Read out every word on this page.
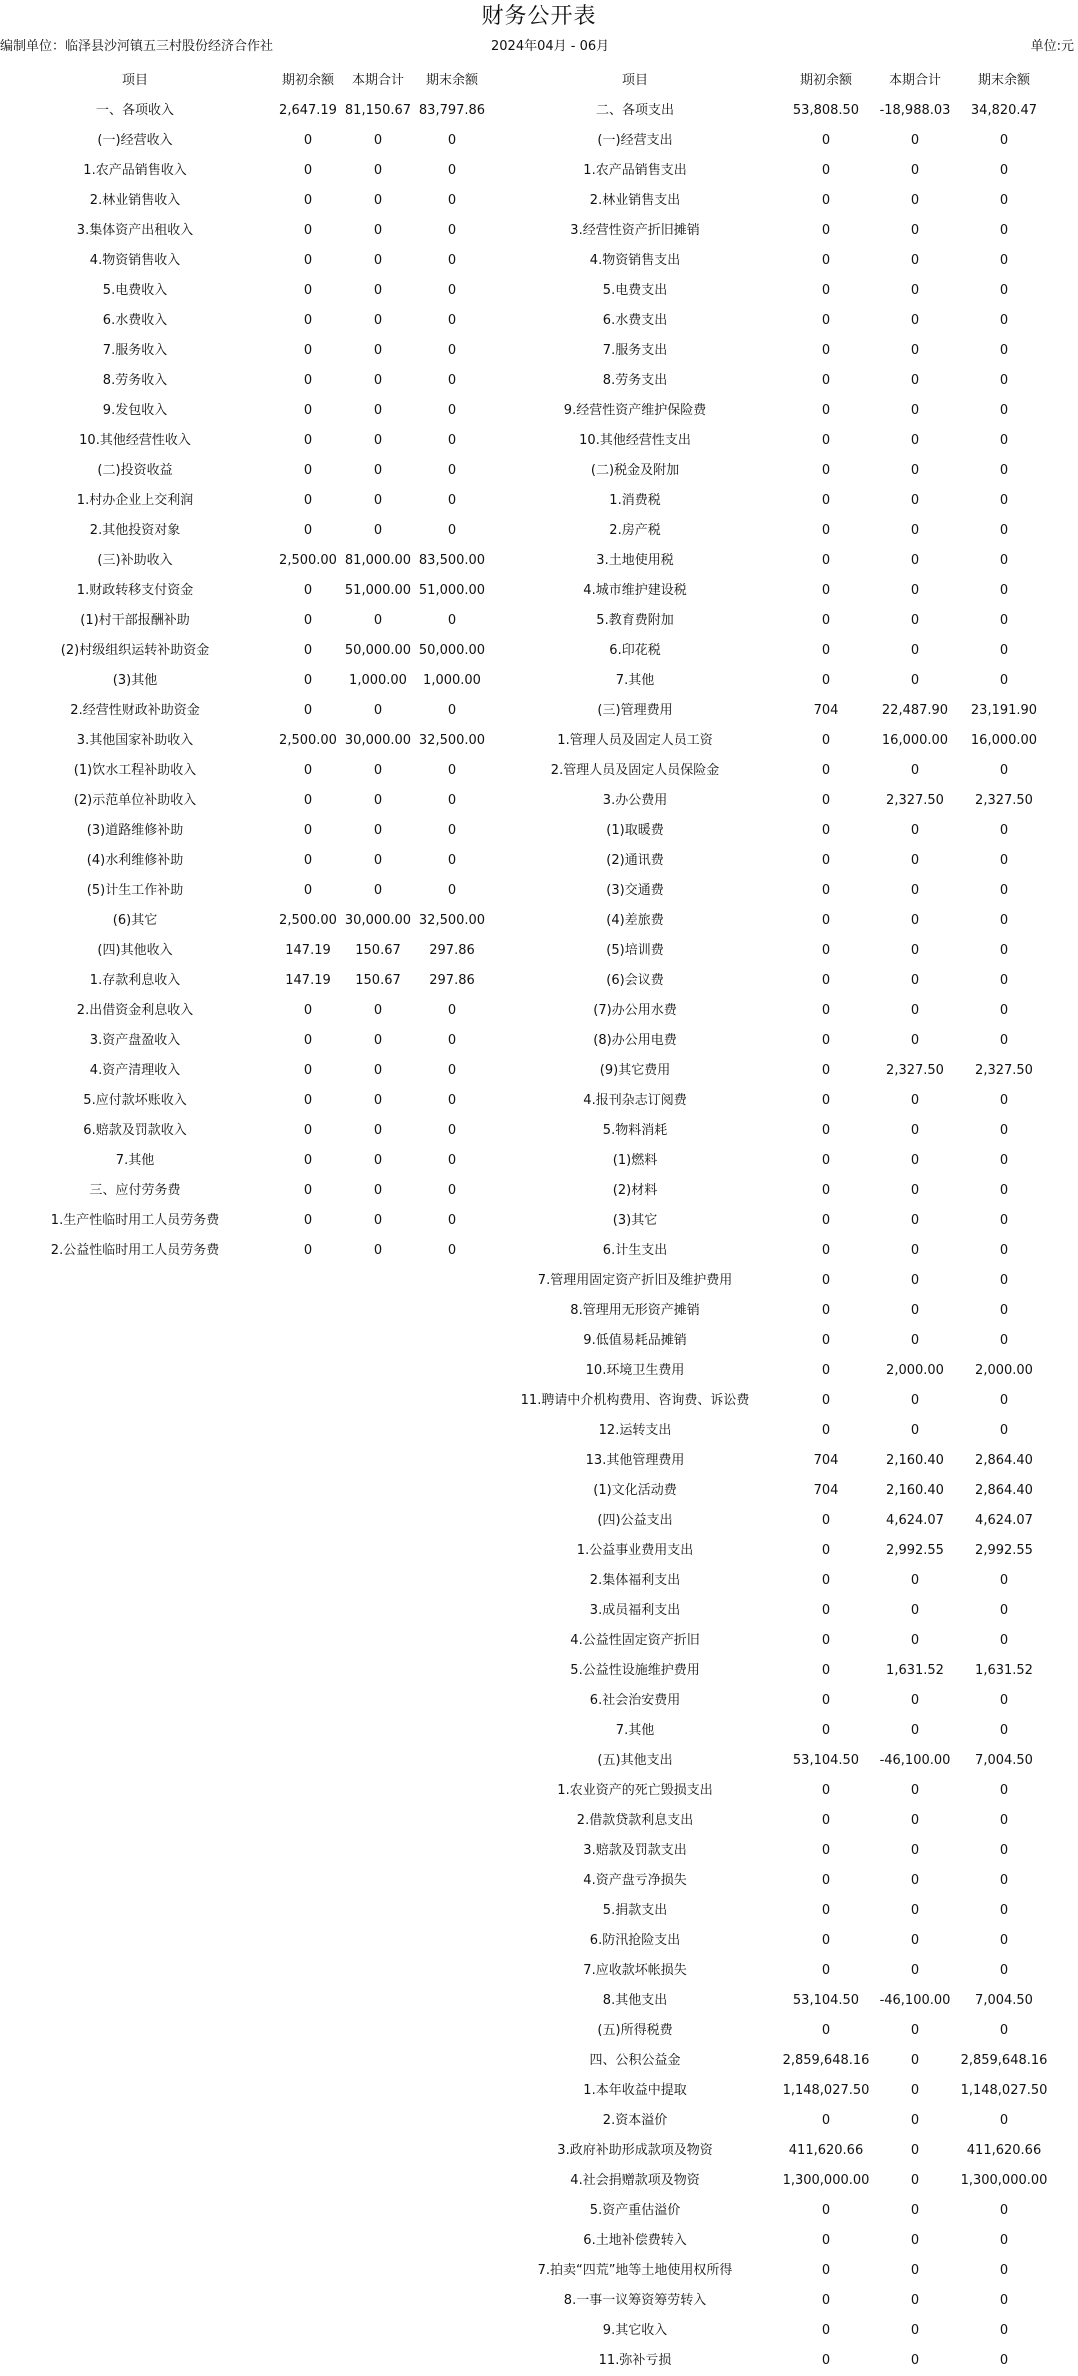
财务公开表
编制单位：临泽县沙河镇五三村股份经济合作社	2024年04月 - 06月	单位:元
项目	期初余额	本期合计	期末余额	项目	期初余额	本期合计	期末余额
一、各项收入	2,647.19 81,150.67 83,797.86	二、各项支出	53,808.50	-18,988.03	34,820.47
(一)经营收入	0	0	0	(一)经营支出	0	0	0
1.农产品销售收入	0	0	0	1.农产品销售支出	0	0	0
2.林业销售收入	0	0	0	2.林业销售支出	0	0	0
3.集体资产出租收入	0	0	0	3.经营性资产折旧摊销	0	0	0
4.物资销售收入	0	0	0	4.物资销售支出	0	0	0
5.电费收入	0	0	0	5.电费支出	0	0	0
6.水费收入	0	0	0	6.水费支出	0	0	0
7.服务收入	0	0	0	7.服务支出	0	0	0
8.劳务收入	0	0	0	8.劳务支出	0	0	0
9.发包收入	0	0	0	9.经营性资产维护保险费	0	0	0
10.其他经营性收入	0	0	0	10.其他经营性支出	0	0	0
(二)投资收益	0	0	0	(二)税金及附加	0	0	0
1.村办企业上交利润	0	0	0	1.消费税	0	0	0
2.其他投资对象	0	0	0	2.房产税	0	0	0
(三)补助收入	2,500.00 81,000.00 83,500.00	3.土地使用税	0	0	0
1.财政转移支付资金	0	51,000.00 51,000.00	4.城市维护建设税	0	0	0
(1)村干部报酬补助	0	0	0	5.教育费附加	0	0	0
(2)村级组织运转补助资金	0	50,000.00 50,000.00	6.印花税	0	0	0
(3)其他	0	1,000.00	1,000.00	7.其他	0	0	0
2.经营性财政补助资金	0	0	0	(三)管理费用	704	22,487.90	23,191.90
3.其他国家补助收入	2,500.00 30,000.00 32,500.00	1.管理人员及固定人员工资	0	16,000.00	16,000.00
(1)饮水工程补助收入	0	0	0	2.管理人员及固定人员保险金	0	0	0
(2)示范单位补助收入	0	0	0	3.办公费用	0	2,327.50	2,327.50
(3)道路维修补助	0	0	0	(1)取暖费	0	0	0
(4)水利维修补助	0	0	0	(2)通讯费	0	0	0
(5)计生工作补助	0	0	0	(3)交通费	0	0	0
(6)其它	2,500.00 30,000.00 32,500.00	(4)差旅费	0	0	0
(四)其他收入	147.19	150.67	297.86	(5)培训费	0	0	0
1.存款利息收入	147.19	150.67	297.86	(6)会议费	0	0	0
2.出借资金利息收入	0	0	0	(7)办公用水费	0	0	0
3.资产盘盈收入	0	0	0	(8)办公用电费	0	0	0
4.资产清理收入	0	0	0	(9)其它费用	0	2,327.50	2,327.50
5.应付款坏账收入	0	0	0	4.报刊杂志订阅费	0	0	0
6.赔款及罚款收入	0	0	0	5.物料消耗	0	0	0
7.其他	0	0	0	(1)燃料	0	0	0
三、应付劳务费	0	0	0	(2)材料	0	0	0
1.生产性临时用工人员劳务费	0	0	0	(3)其它	0	0	0
2.公益性临时用工人员劳务费	0	0	0	6.计生支出	0	0	0
7.管理用固定资产折旧及维护费用	0	0	0
8.管理用无形资产摊销	0	0	0
9.低值易耗品摊销	0	0	0
10.环境卫生费用	0	2,000.00	2,000.00
11.聘请中介机构费用、咨询费、诉讼费	0	0	0
12.运转支出	0	0	0
13.其他管理费用	704	2,160.40	2,864.40
(1)文化活动费	704	2,160.40	2,864.40
(四)公益支出	0	4,624.07	4,624.07
1.公益事业费用支出	0	2,992.55	2,992.55
2.集体福利支出	0	0	0
3.成员福利支出	0	0	0
4.公益性固定资产折旧	0	0	0
5.公益性设施维护费用	0	1,631.52	1,631.52
6.社会治安费用	0	0	0
7.其他	0	0	0
(五)其他支出	53,104.50	-46,100.00	7,004.50
1.农业资产的死亡毁损支出	0	0	0
2.借款贷款利息支出	0	0	0
3.赔款及罚款支出	0	0	0
4.资产盘亏净损失	0	0	0
5.捐款支出	0	0	0
6.防汛抢险支出	0	0	0
7.应收款坏帐损失	0	0	0
8.其他支出	53,104.50	-46,100.00	7,004.50
(五)所得税费	0	0	0
四、公积公益金	2,859,648.16	0	2,859,648.16
1.本年收益中提取	1,148,027.50	0	1,148,027.50
2.资本溢价	0	0	0
3.政府补助形成款项及物资	411,620.66	0	411,620.66
4.社会捐赠款项及物资	1,300,000.00	0	1,300,000.00
5.资产重估溢价	0	0	0
6.土地补偿费转入	0	0	0
7.拍卖“四荒”地等土地使用权所得	0	0	0
8.一事一议筹资筹劳转入	0	0	0
9.其它收入	0	0	0
11.弥补亏损	0	0	0
